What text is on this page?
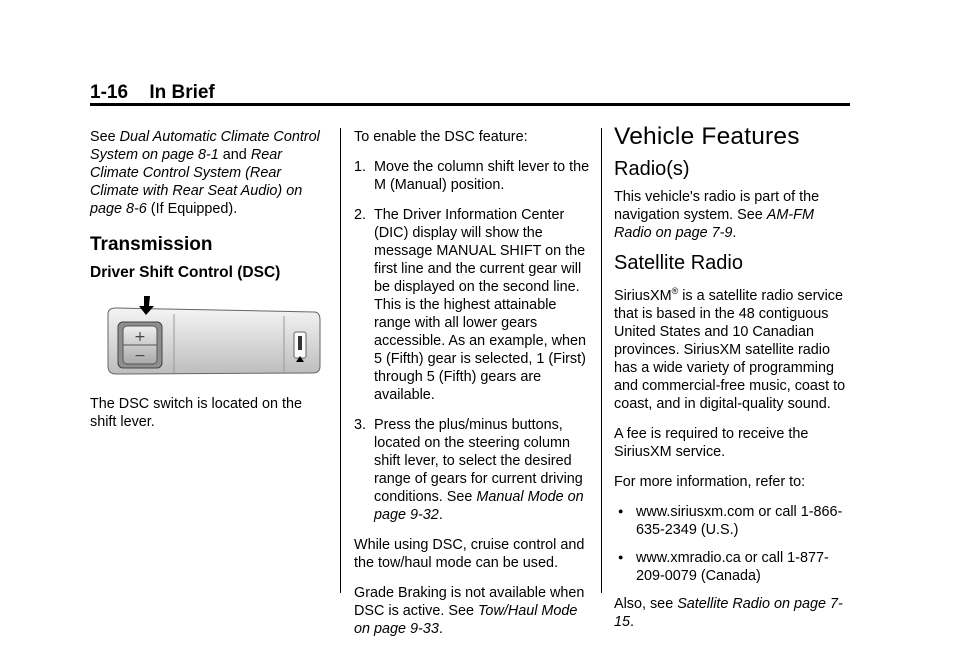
1-16 In Brief

See Dual Automatic Climate Control System on page 8-1 and Rear Climate Control System (Rear Climate with Rear Seat Audio) on page 8-6 (If Equipped).

Transmission
Driver Shift Control (DSC)
+
−

The DSC switch is located on the shift lever.

To enable the DSC feature:

1. Move the column shift lever to the M (Manual) position.
2. The Driver Information Center (DIC) display will show the message MANUAL SHIFT on the first line and the current gear will be displayed on the second line. This is the highest attainable range with all lower gears accessible. As an example, when 5 (Fifth) gear is selected, 1 (First) through 5 (Fifth) gears are available.
3. Press the plus/minus buttons, located on the steering column shift lever, to select the desired range of gears for current driving conditions. See Manual Mode on page 9-32.

While using DSC, cruise control and the tow/haul mode can be used.

Grade Braking is not available when DSC is active. See Tow/Haul Mode on page 9-33.

Vehicle Features
Radio(s)

This vehicle's radio is part of the navigation system. See AM-FM Radio on page 7-9.

Satellite Radio

SiriusXM® is a satellite radio service that is based in the 48 contiguous United States and 10 Canadian provinces. SiriusXM satellite radio has a wide variety of programming and commercial-free music, coast to coast, and in digital-quality sound.

A fee is required to receive the SiriusXM service.

For more information, refer to:

● www.siriusxm.com or call 1-866-635-2349 (U.S.)
● www.xmradio.ca or call 1-877-209-0079 (Canada)

Also, see Satellite Radio on page 7-15.
